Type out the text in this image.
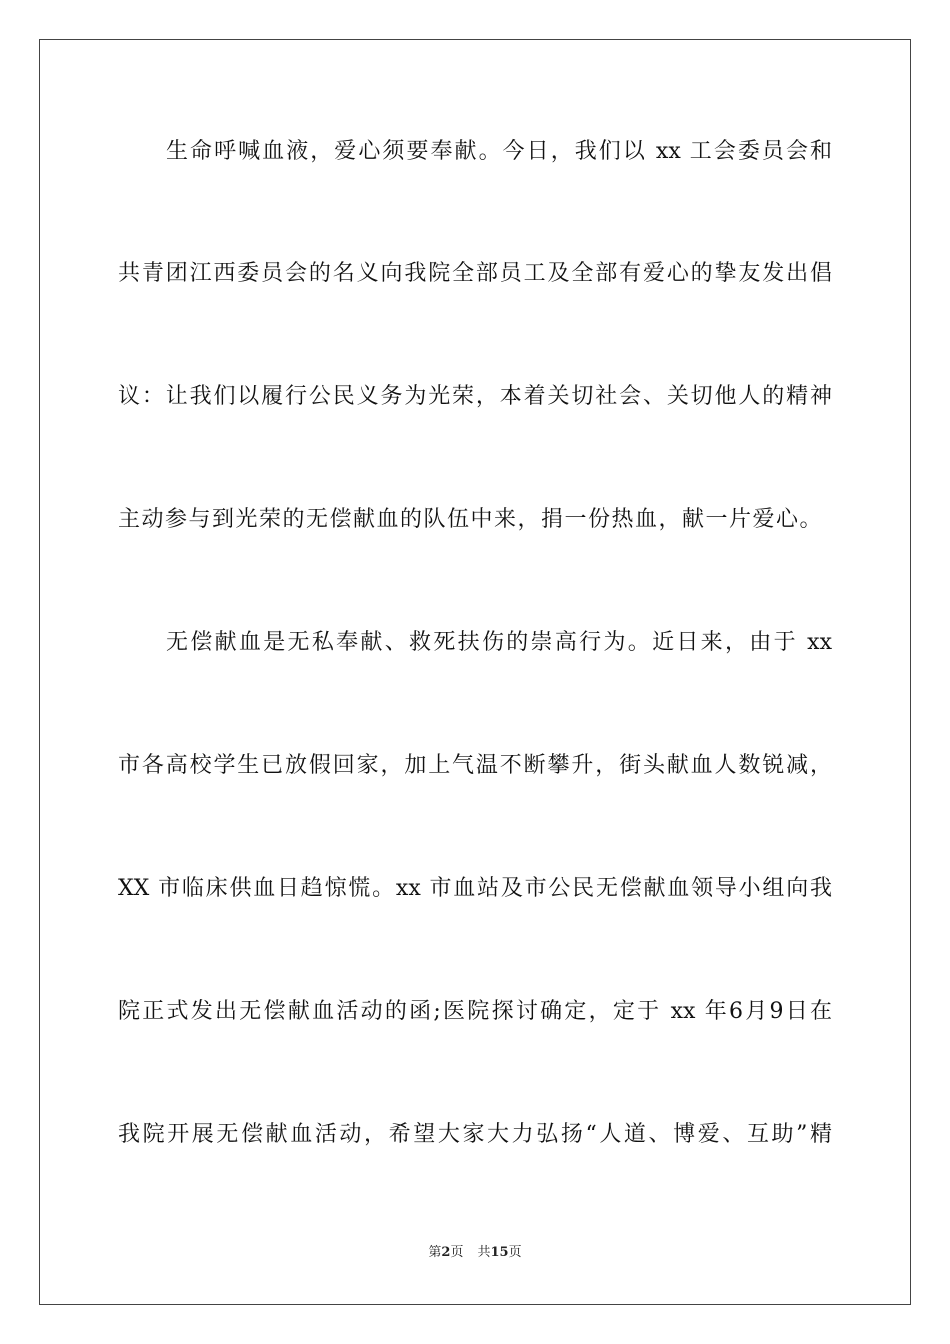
生命呼喊血液，爱心须要奉献。今日，我们以 xx 工会委员会和
共青团江西委员会的名义向我院全部员工及全部有爱心的挚友发出倡
议：让我们以履行公民义务为光荣，本着关切社会、关切他人的精神
主动参与到光荣的无偿献血的队伍中来，捐一份热血，献一片爱心。
无偿献血是无私奉献、救死扶伤的崇高行为。近日来，由于 xx
市各高校学生已放假回家，加上气温不断攀升，街头献血人数锐减，
XX 市临床供血日趋惊慌。xx 市血站及市公民无偿献血领导小组向我
院正式发出无偿献血活动的函;医院探讨确定，定于 xx 年6月9日在
我院开展无偿献血活动，希望大家大力弘扬“人道、博爱、互助”精
第2页 共15页
